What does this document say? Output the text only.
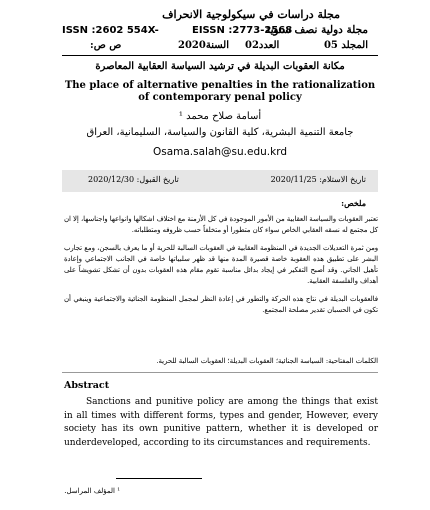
مجلة دراسات في سيكولوجية الانحراف
مجلة دولية نصف سنوية
EISSN :2773-2568
ISSN :2602 554X-
المجلد 05
العدد02
السنة2020
ص ص:
مكانة العقوبات البديلة في ترشيد السياسة العقابية المعاصرة
The place of alternative penalties in the rationalization of contemporary penal policy
أسامة صلاح محمد ¹
جامعة التنمية البشرية، كلية القانون والسياسة، السليمانية، العراق
Osama.salah@su.edu.krd
تاريخ الاستلام: 2020/11/25
تاريخ القبول: 2020/12/30
ملخص:

تعتبر العقوبات والسياسة العقابية من الأمور الموجودة في كل الأزمنة مع اختلاف اشكالها وانواعها واجناسها، إلا ان كل مجتمع له نسقه العقابي الخاص سواء كان متطورا أو متخلفاً حسب ظروفه ومتطلباته.

ومن ثمرة التعديلات الجديدة في المنظومة العقابية في العقوبات السالبة للحرية أو ما يعرف بالسجن، ومع تجارب البشر على تطبيق هذه العقوبة خاصة قصيرة المدة منها قد ظهر سلبياتها خاصة في الجانب الاجتماعي وإعادة تأهيل الجاني. وقد أصبح التفكير في إيجاد بدائل مناسبة تقوم مقام هذه العقوبات بدون أن تشكل تشويشاً على أهداف والفلسفة العقابية.

فالعقوبات البديلة في نتاج هذه الحركة والتطور في إعادة النظر لمجمل المنظومة الجنائية والاجتماعية وينبغي أن تكون في الحسبان تقدير مصلحة المجتمع.

الكلمات المفتاحية: السياسة الجنائية؛ العقوبات البديلة؛ العقوبات السالبة للحرية.
Abstract
Sanctions and punitive policy are among the things that exist in all times with different forms, types and gender, However, every society has its own punitive pattern, whether it is developed or underdeveloped, according to its circumstances and requirements.
¹ المؤلف المراسل.
